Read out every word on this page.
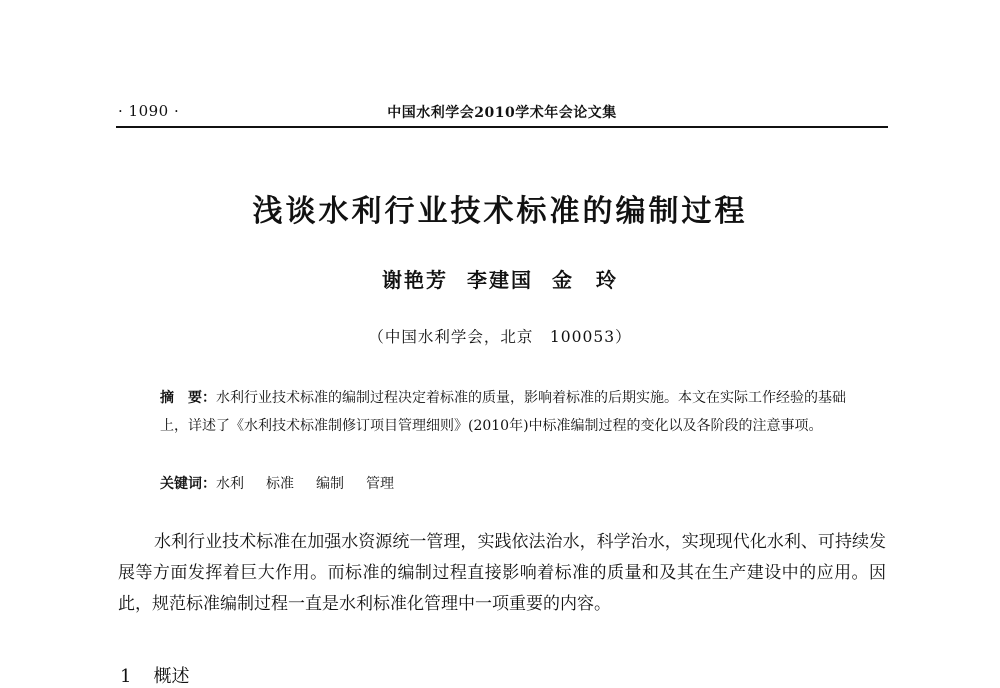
· 1090 ·	中国水利学会2010学术年会论文集
浅谈水利行业技术标准的编制过程
谢艳芳 李建国 金　玲
（中国水利学会，北京　100053）

摘　要：水利行业技术标准的编制过程决定着标准的质量，影响着标准的后期实施。本文在实际工作经验的基础上，详述了《水利技术标准制修订项目管理细则》(2010年)中标准编制过程的变化以及各阶段的注意事项。

关键词：水利 标准 编制 管理

水利行业技术标准在加强水资源统一管理，实践依法治水，科学治水，实现现代化水利、可持续发展等方面发挥着巨大作用。而标准的编制过程直接影响着标准的质量和及其在生产建设中的应用。因此，规范标准编制过程一直是水利标准化管理中一项重要的内容。

1 概述
